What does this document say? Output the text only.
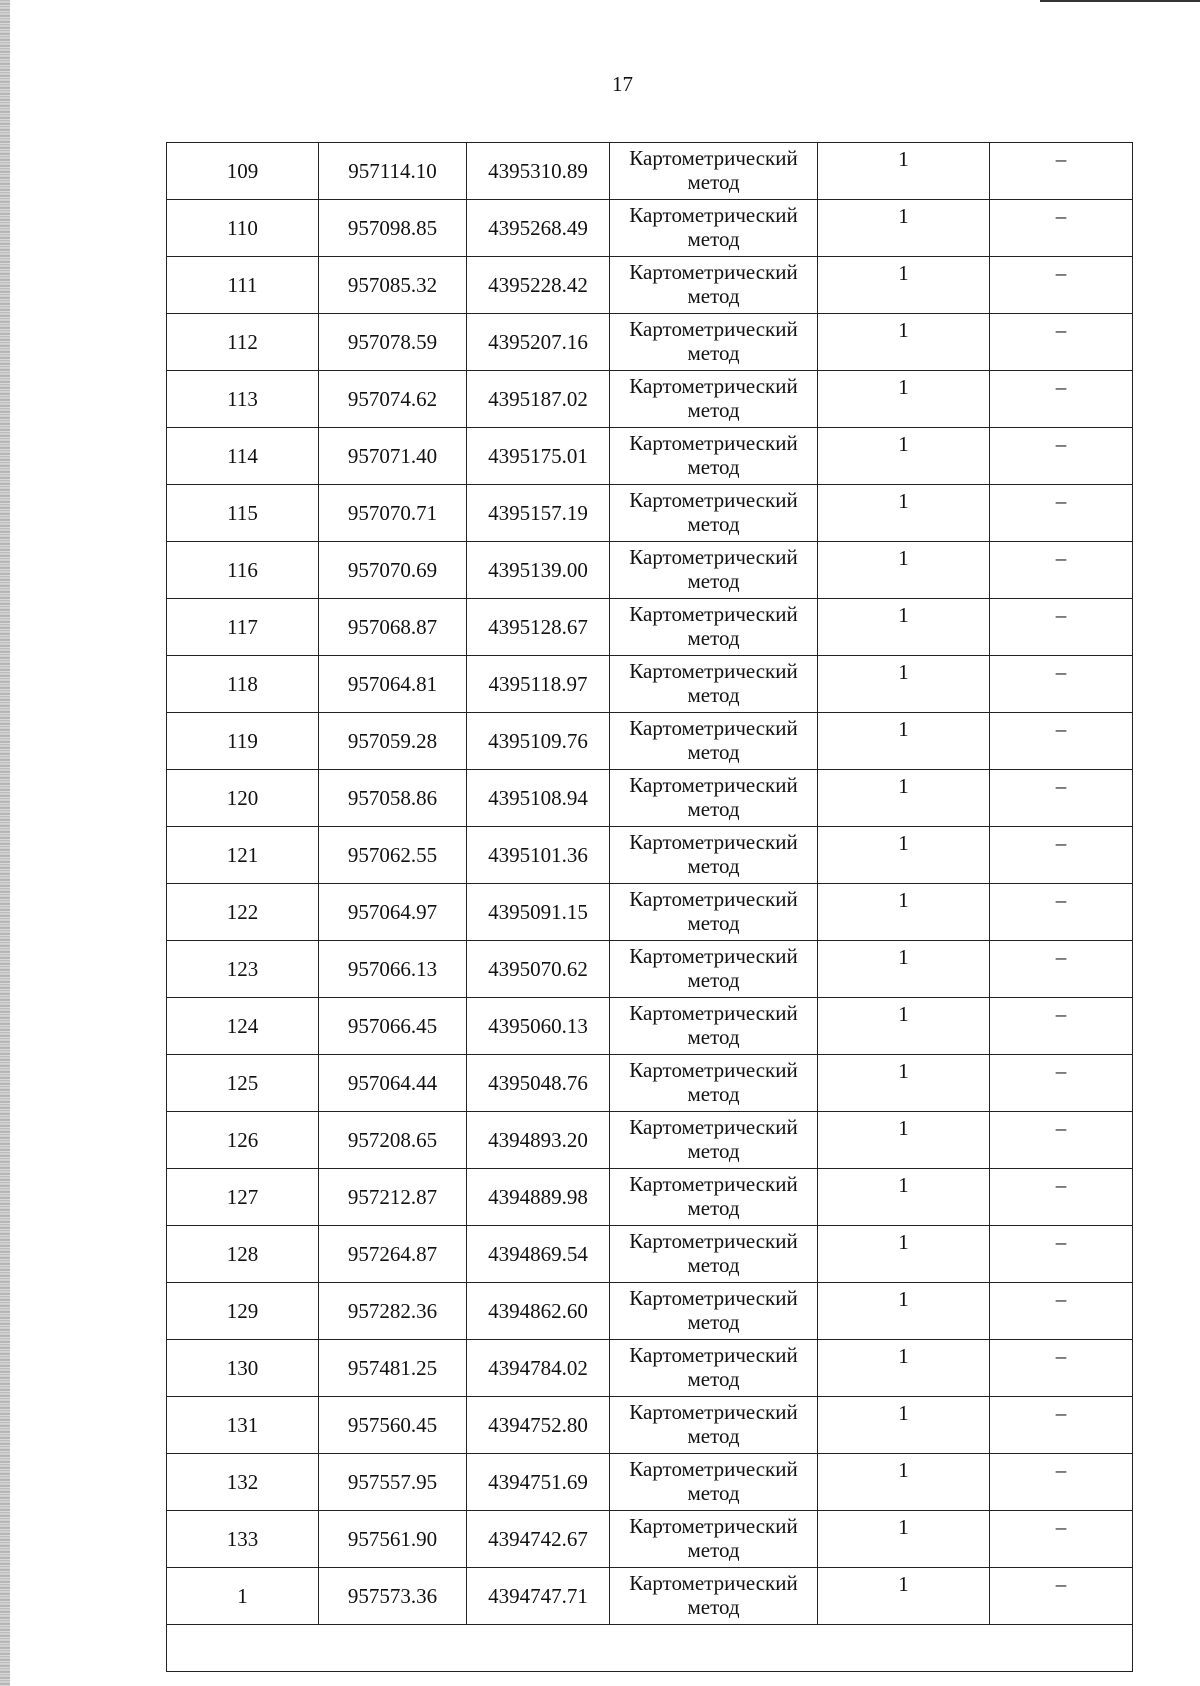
17
109	957114.10	4395310.89	Картометрический
метод	1	–
110	957098.85	4395268.49	Картометрический
метод	1	–
111	957085.32	4395228.42	Картометрический
метод	1	–
112	957078.59	4395207.16	Картометрический
метод	1	–
113	957074.62	4395187.02	Картометрический
метод	1	–
114	957071.40	4395175.01	Картометрический
метод	1	–
115	957070.71	4395157.19	Картометрический
метод	1	–
116	957070.69	4395139.00	Картометрический
метод	1	–
117	957068.87	4395128.67	Картометрический
метод	1	–
118	957064.81	4395118.97	Картометрический
метод	1	–
119	957059.28	4395109.76	Картометрический
метод	1	–
120	957058.86	4395108.94	Картометрический
метод	1	–
121	957062.55	4395101.36	Картометрический
метод	1	–
122	957064.97	4395091.15	Картометрический
метод	1	–
123	957066.13	4395070.62	Картометрический
метод	1	–
124	957066.45	4395060.13	Картометрический
метод	1	–
125	957064.44	4395048.76	Картометрический
метод	1	–
126	957208.65	4394893.20	Картометрический
метод	1	–
127	957212.87	4394889.98	Картометрический
метод	1	–
128	957264.87	4394869.54	Картометрический
метод	1	–
129	957282.36	4394862.60	Картометрический
метод	1	–
130	957481.25	4394784.02	Картометрический
метод	1	–
131	957560.45	4394752.80	Картометрический
метод	1	–
132	957557.95	4394751.69	Картометрический
метод	1	–
133	957561.90	4394742.67	Картометрический
метод	1	–
1	957573.36	4394747.71	Картометрический
метод	1	–
